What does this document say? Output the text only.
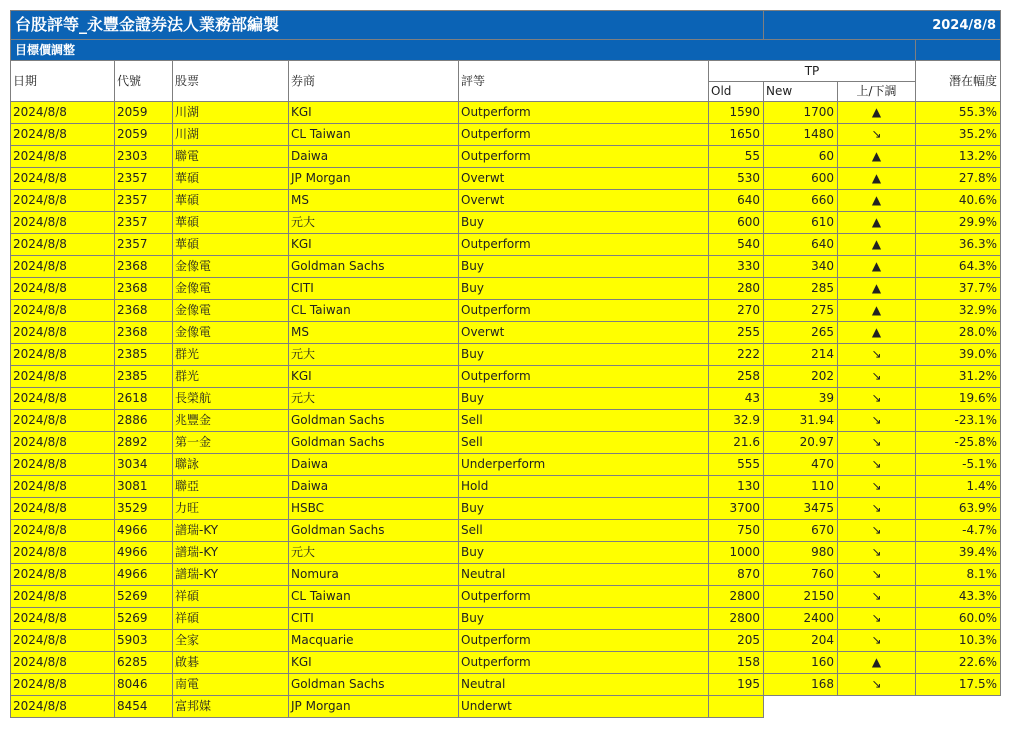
台股評等_永豐金證券法人業務部編製						2024/8/8		
目標價調整								
日期	代號	股票	券商	評等	TP			潛在幅度
					Old	New	上/下調	
2024/8/8	2059	川湖	KGI	Outperform	1590	1700	▲	55.3%
2024/8/8	2059	川湖	CL Taiwan	Outperform	1650	1480	↘	35.2%
2024/8/8	2303	聯電	Daiwa	Outperform	55	60	▲	13.2%
2024/8/8	2357	華碩	JP Morgan	Overwt	530	600	▲	27.8%
2024/8/8	2357	華碩	MS	Overwt	640	660	▲	40.6%
2024/8/8	2357	華碩	元大	Buy	600	610	▲	29.9%
2024/8/8	2357	華碩	KGI	Outperform	540	640	▲	36.3%
2024/8/8	2368	金像電	Goldman Sachs	Buy	330	340	▲	64.3%
2024/8/8	2368	金像電	CITI	Buy	280	285	▲	37.7%
2024/8/8	2368	金像電	CL Taiwan	Outperform	270	275	▲	32.9%
2024/8/8	2368	金像電	MS	Overwt	255	265	▲	28.0%
2024/8/8	2385	群光	元大	Buy	222	214	↘	39.0%
2024/8/8	2385	群光	KGI	Outperform	258	202	↘	31.2%
2024/8/8	2618	長榮航	元大	Buy	43	39	↘	19.6%
2024/8/8	2886	兆豐金	Goldman Sachs	Sell	32.9	31.94	↘	-23.1%
2024/8/8	2892	第一金	Goldman Sachs	Sell	21.6	20.97	↘	-25.8%
2024/8/8	3034	聯詠	Daiwa	Underperform	555	470	↘	-5.1%
2024/8/8	3081	聯亞	Daiwa	Hold	130	110	↘	1.4%
2024/8/8	3529	力旺	HSBC	Buy	3700	3475	↘	63.9%
2024/8/8	4966	譜瑞-KY	Goldman Sachs	Sell	750	670	↘	-4.7%
2024/8/8	4966	譜瑞-KY	元大	Buy	1000	980	↘	39.4%
2024/8/8	4966	譜瑞-KY	Nomura	Neutral	870	760	↘	8.1%
2024/8/8	5269	祥碩	CL Taiwan	Outperform	2800	2150	↘	43.3%
2024/8/8	5269	祥碩	CITI	Buy	2800	2400	↘	60.0%
2024/8/8	5903	全家	Macquarie	Outperform	205	204	↘	10.3%
2024/8/8	6285	啟碁	KGI	Outperform	158	160	▲	22.6%
2024/8/8	8046	南電	Goldman Sachs	Neutral	195	168	↘	17.5%
2024/8/8	8454	富邦媒	JP Morgan	Underwt				
